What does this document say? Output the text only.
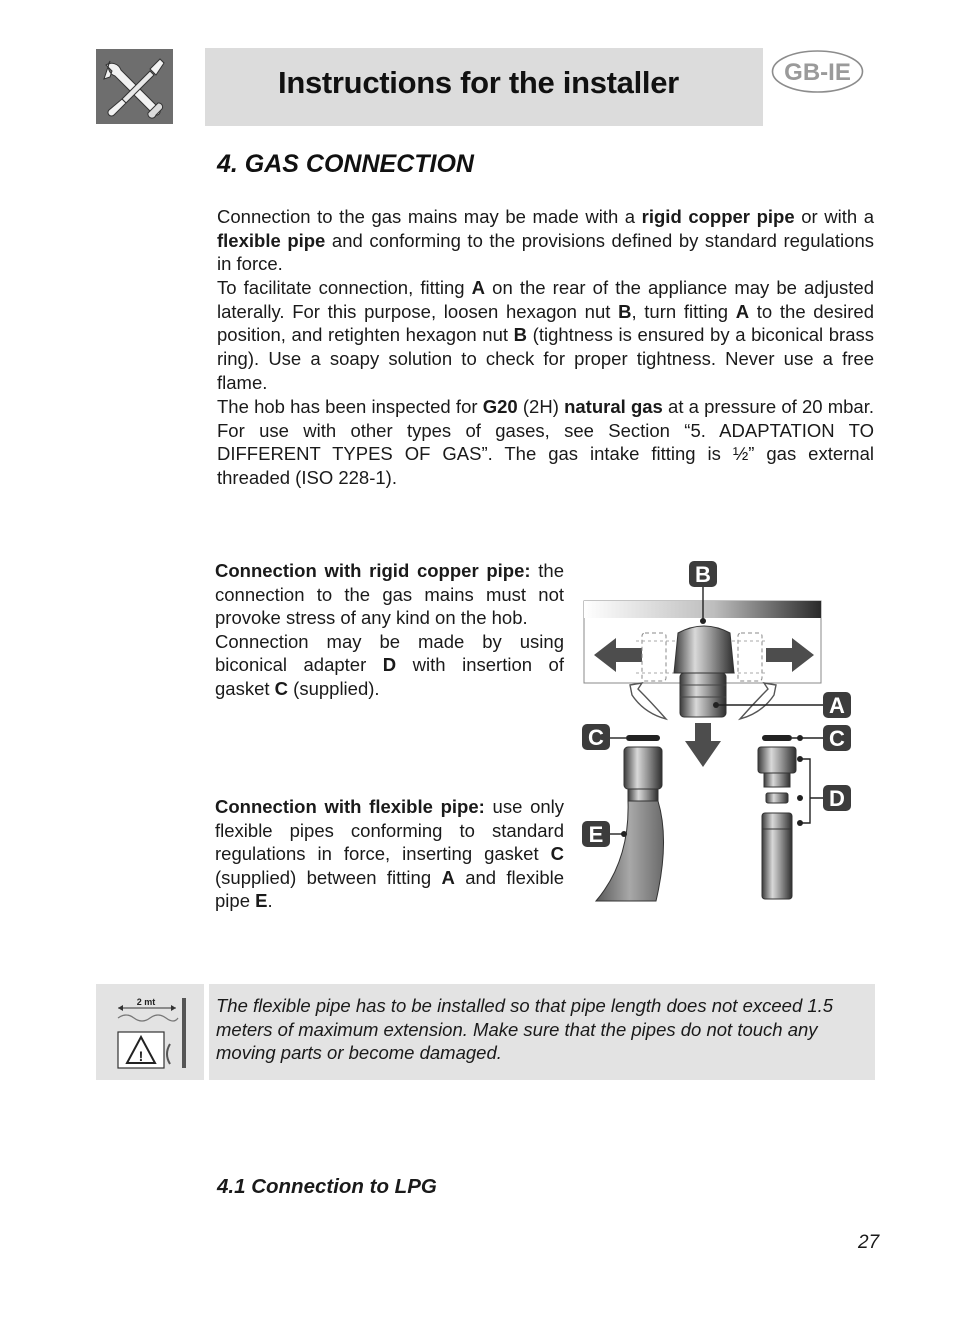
Instructions for the installer	GB-IE
4. GAS CONNECTION

Connection to the gas mains may be made with a rigid copper pipe or with a flexible pipe and conforming to the provisions defined by standard regulations in force.

To facilitate connection, fitting A on the rear of the appliance may be adjusted laterally. For this purpose, loosen hexagon nut B, turn fitting A to the desired position, and retighten hexagon nut B (tightness is ensured by a biconical brass ring). Use a soapy solution to check for proper tightness. Never use a free flame.

The hob has been inspected for G20 (2H) natural gas at a pressure of 20 mbar. For use with other types of gases, see Section “5. ADAPTATION TO DIFFERENT TYPES OF GAS”. The gas intake fitting is ½” gas external threaded (ISO 228-1).

Connection with rigid copper pipe: the connection to the gas mains must not provoke stress of any kind on the hob.
Connection may be made by using biconical adapter D with insertion of gasket C (supplied).

Connection with flexible pipe: use only flexible pipes conforming to standard regulations in force, inserting gasket C (supplied) between fitting A and flexible pipe E.

B
A
C
E
C
D
2 mt
!

The flexible pipe has to be installed so that pipe length does not exceed 1.5 meters of maximum extension. Make sure that the pipes do not touch any moving parts or become damaged.

4.1 Connection to LPG
27
